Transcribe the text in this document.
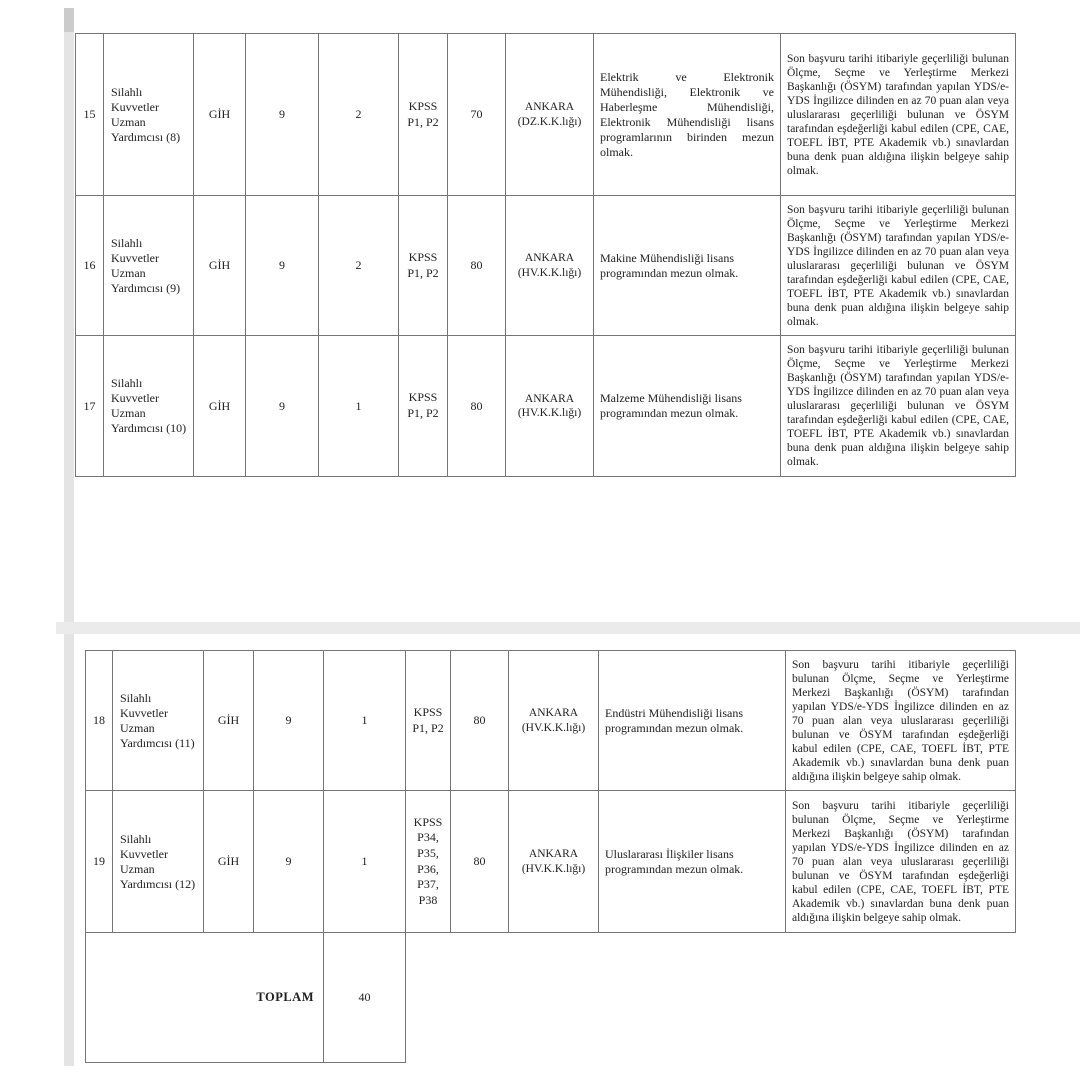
15	Silahlı Kuvvetler Uzman Yardımcısı (8)	GİH	9	2	KPSS P1, P2	70	ANKARA (DZ.K.K.lığı)	Elektrik ve Elektronik Mühendisliği, Elektronik ve Haberleşme Mühendisliği, Elektronik Mühendisliği lisans programlarının birinden mezun olmak.	Son başvuru tarihi itibariyle geçerliliği bulunan Ölçme, Seçme ve Yerleştirme Merkezi Başkanlığı (ÖSYM) tarafından yapılan YDS/e-YDS İngilizce dilinden en az 70 puan alan veya uluslararası geçerliliği bulunan ve ÖSYM tarafından eşdeğerliği kabul edilen (CPE, CAE, TOEFL İBT, PTE Akademik vb.) sınavlardan buna denk puan aldığına ilişkin belgeye sahip olmak.
16	Silahlı Kuvvetler Uzman Yardımcısı (9)	GİH	9	2	KPSS P1, P2	80	ANKARA (HV.K.K.lığı)	Makine Mühendisliği lisans programından mezun olmak.	Son başvuru tarihi itibariyle geçerliliği bulunan Ölçme, Seçme ve Yerleştirme Merkezi Başkanlığı (ÖSYM) tarafından yapılan YDS/e-YDS İngilizce dilinden en az 70 puan alan veya uluslararası geçerliliği bulunan ve ÖSYM tarafından eşdeğerliği kabul edilen (CPE, CAE, TOEFL İBT, PTE Akademik vb.) sınavlardan buna denk puan aldığına ilişkin belgeye sahip olmak.
17	Silahlı Kuvvetler Uzman Yardımcısı (10)	GİH	9	1	KPSS P1, P2	80	ANKARA (HV.K.K.lığı)	Malzeme Mühendisliği lisans programından mezun olmak.	Son başvuru tarihi itibariyle geçerliliği bulunan Ölçme, Seçme ve Yerleştirme Merkezi Başkanlığı (ÖSYM) tarafından yapılan YDS/e-YDS İngilizce dilinden en az 70 puan alan veya uluslararası geçerliliği bulunan ve ÖSYM tarafından eşdeğerliği kabul edilen (CPE, CAE, TOEFL İBT, PTE Akademik vb.) sınavlardan buna denk puan aldığına ilişkin belgeye sahip olmak.
18	Silahlı Kuvvetler Uzman Yardımcısı (11)	GİH	9	1	KPSS P1, P2	80	ANKARA (HV.K.K.lığı)	Endüstri Mühendisliği lisans programından mezun olmak.	Son başvuru tarihi itibariyle geçerliliği bulunan Ölçme, Seçme ve Yerleştirme Merkezi Başkanlığı (ÖSYM) tarafından yapılan YDS/e-YDS İngilizce dilinden en az 70 puan alan veya uluslararası geçerliliği bulunan ve ÖSYM tarafından eşdeğerliği kabul edilen (CPE, CAE, TOEFL İBT, PTE Akademik vb.) sınavlardan buna denk puan aldığına ilişkin belgeye sahip olmak.
19	Silahlı Kuvvetler Uzman Yardımcısı (12)	GİH	9	1	KPSS P34, P35, P36, P37, P38	80	ANKARA (HV.K.K.lığı)	Uluslararası İlişkiler lisans programından mezun olmak.	Son başvuru tarihi itibariyle geçerliliği bulunan Ölçme, Seçme ve Yerleştirme Merkezi Başkanlığı (ÖSYM) tarafından yapılan YDS/e-YDS İngilizce dilinden en az 70 puan alan veya uluslararası geçerliliği bulunan ve ÖSYM tarafından eşdeğerliği kabul edilen (CPE, CAE, TOEFL İBT, PTE Akademik vb.) sınavlardan buna denk puan aldığına ilişkin belgeye sahip olmak.
TOPLAM				40					
